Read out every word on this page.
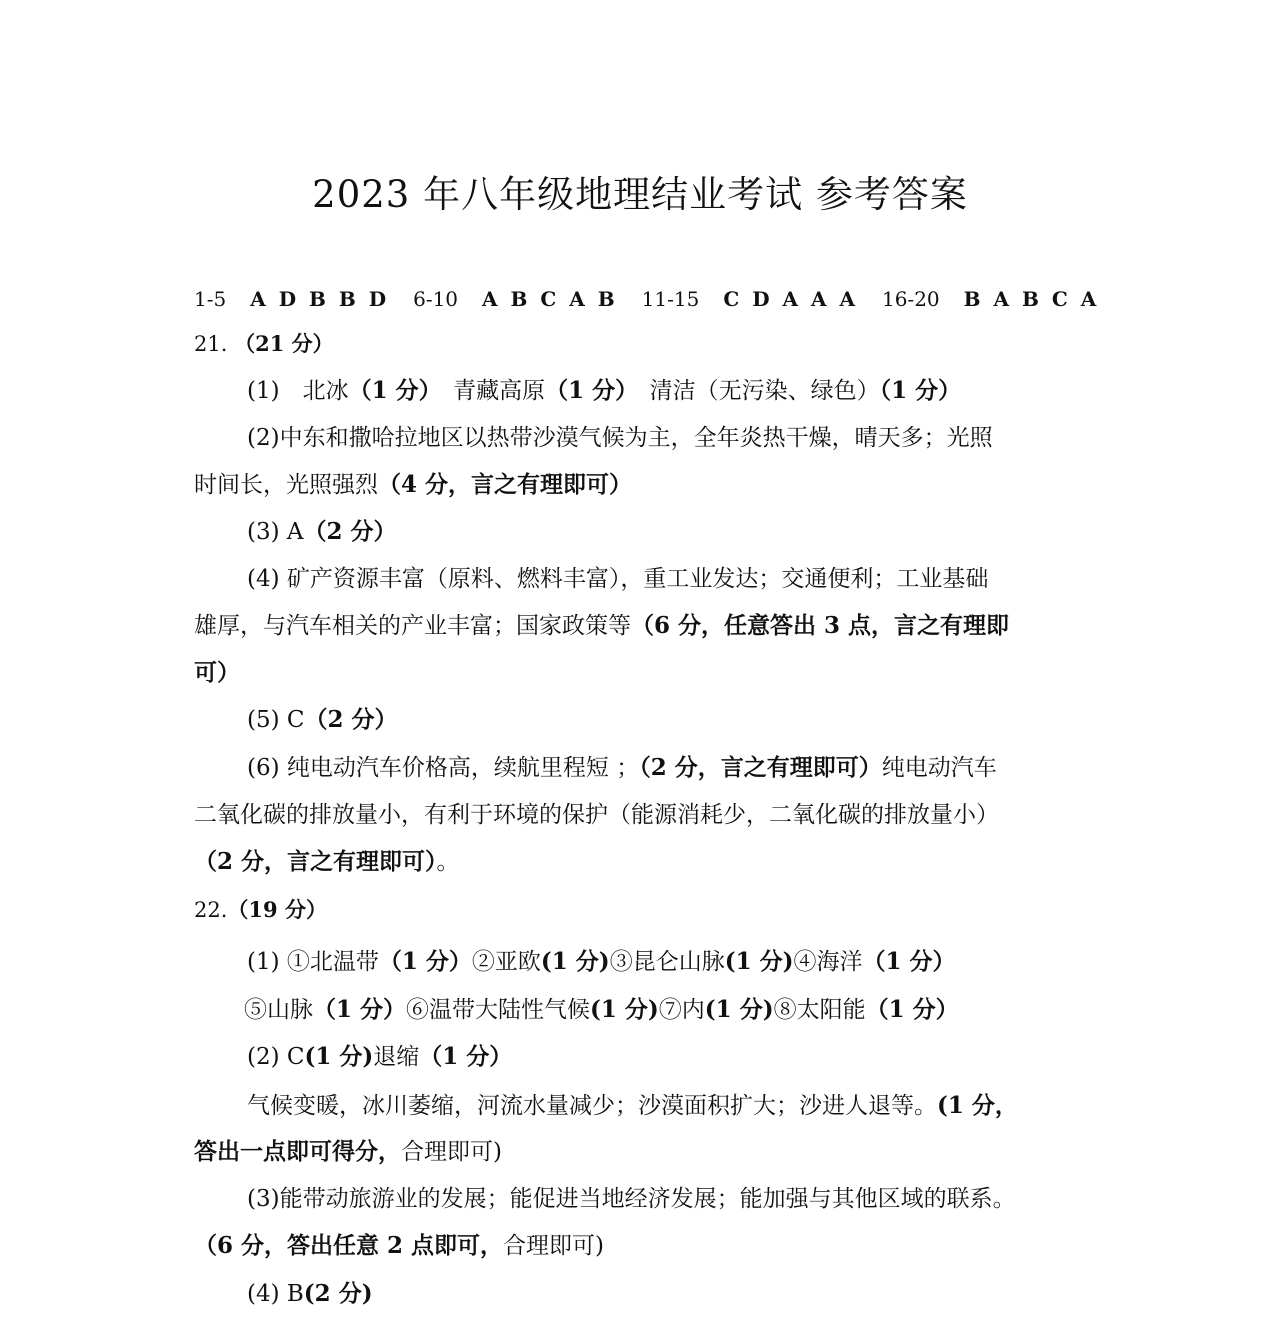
2023 年八年级地理结业考试 参考答案
1-5 A D B B D 6-10 A B C A B 11-15 C D A A A 16-20 B A B C A
21. （21 分）
(1)　北冰（1 分）　青藏高原（1 分）　清洁（无污染、绿色）（1 分）
(2)中东和撒哈拉地区以热带沙漠气候为主，全年炎热干燥，晴天多；光照
时间长，光照强烈（4 分，言之有理即可）
(3) A（2 分）
(4) 矿产资源丰富（原料、燃料丰富），重工业发达；交通便利；工业基础
雄厚，与汽车相关的产业丰富；国家政策等（6 分，任意答出 3 点，言之有理即
可）
(5) C（2 分）
(6) 纯电动汽车价格高，续航里程短 ；（2 分，言之有理即可）纯电动汽车
二氧化碳的排放量小，有利于环境的保护（能源消耗少，二氧化碳的排放量小）
（2 分，言之有理即可）。
22.（19 分）
(1) ①北温带（1 分）②亚欧(1 分)③昆仑山脉(1 分)④海洋（1 分）
⑤山脉（1 分）⑥温带大陆性气候(1 分)⑦内(1 分)⑧太阳能（1 分）
(2) C(1 分)退缩（1 分）
气候变暖，冰川萎缩，河流水量减少；沙漠面积扩大；沙进人退等。(1 分，
答出一点即可得分，合理即可)
(3)能带动旅游业的发展；能促进当地经济发展；能加强与其他区域的联系。
（6 分，答出任意 2 点即可，合理即可)
(4) B(2 分)
